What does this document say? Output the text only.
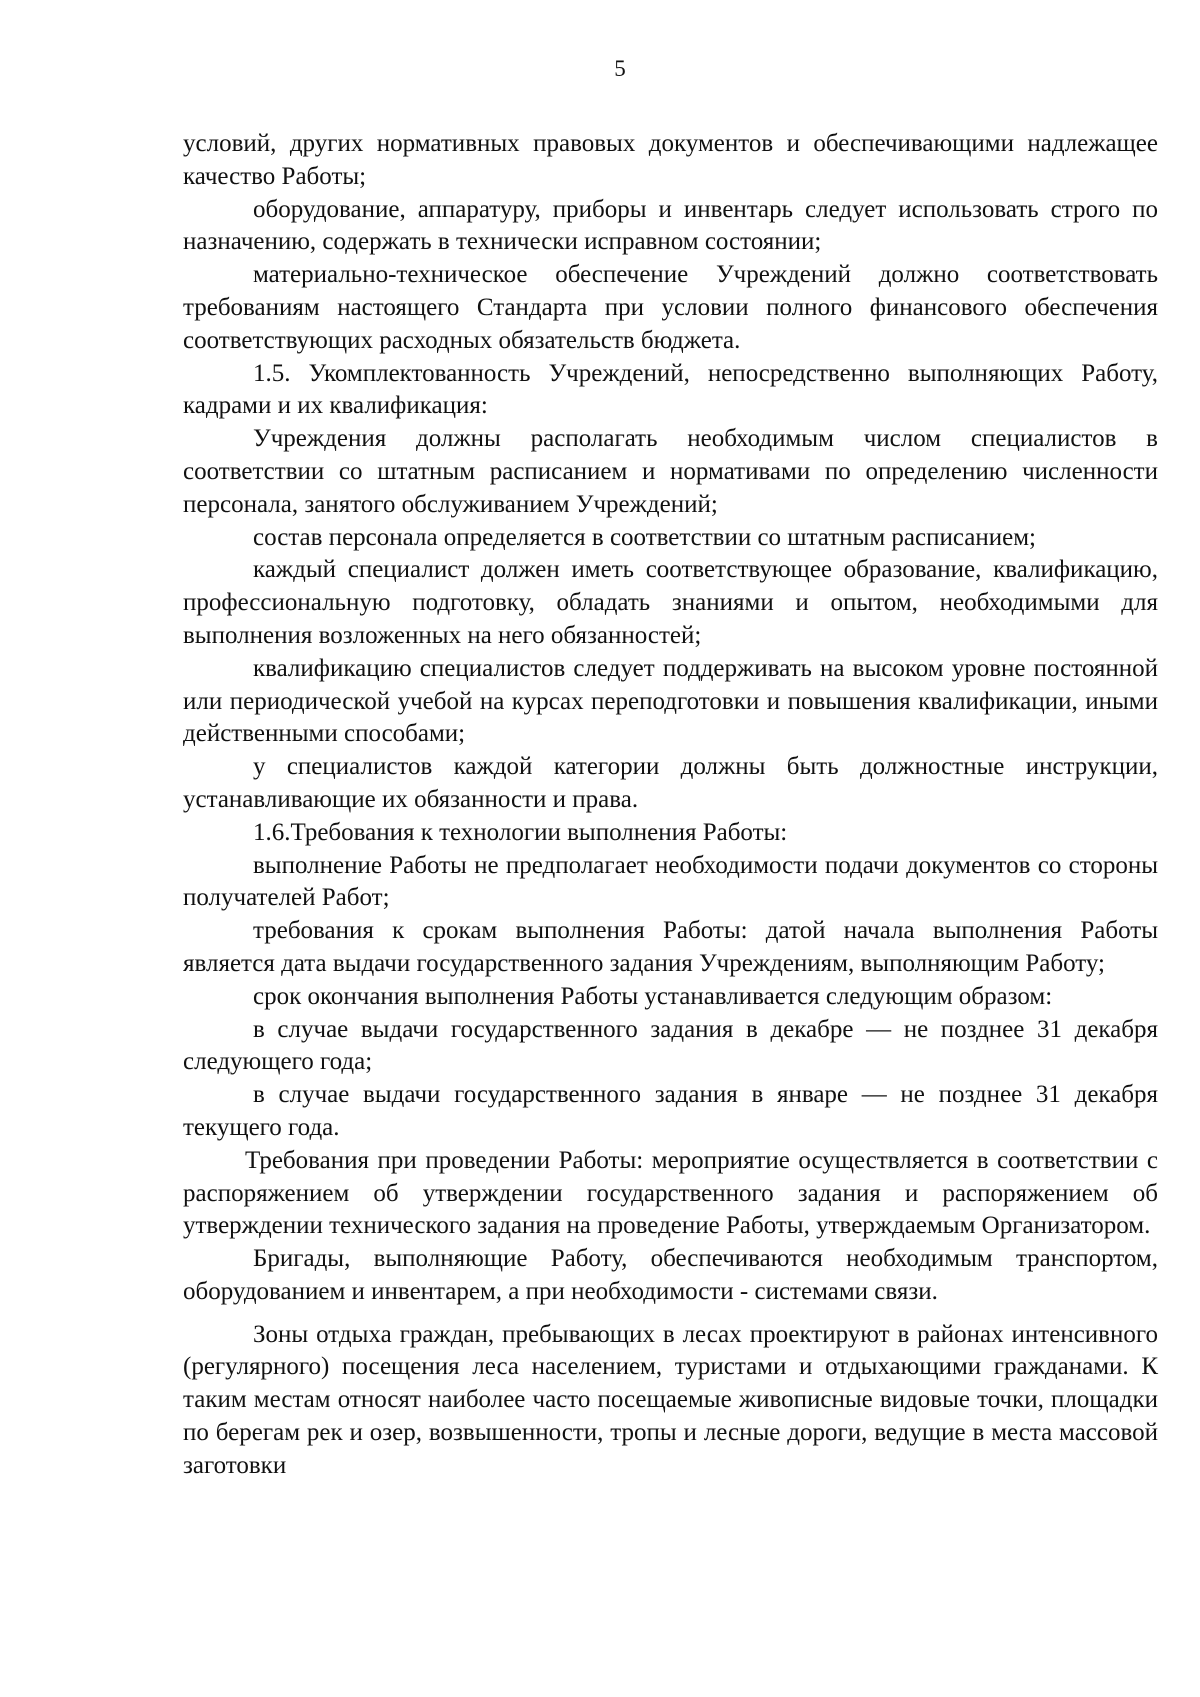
5

условий, других нормативных правовых документов и обеспечивающими надлежащее качество Работы;

оборудование, аппаратуру, приборы и инвентарь следует использовать строго по назначению, содержать в технически исправном состоянии;

материально-техническое обеспечение Учреждений должно соответствовать требованиям настоящего Стандарта при условии полного финансового обеспечения соответствующих расходных обязательств бюджета.

1.5. Укомплектованность Учреждений, непосредственно выполняющих Работу, кадрами и их квалификация:

Учреждения должны располагать необходимым числом специалистов в соответствии со штатным расписанием и нормативами по определению численности персонала, занятого обслуживанием Учреждений;

состав персонала определяется в соответствии со штатным расписанием;

каждый специалист должен иметь соответствующее образование, квалификацию, профессиональную подготовку, обладать знаниями и опытом, необходимыми для выполнения возложенных на него обязанностей;

квалификацию специалистов следует поддерживать на высоком уровне постоянной или периодической учебой на курсах переподготовки и повышения квалификации, иными действенными способами;

у специалистов каждой категории должны быть должностные инструкции, устанавливающие их обязанности и права.

1.6.Требования к технологии выполнения Работы:

выполнение Работы не предполагает необходимости подачи документов со стороны получателей Работ;

требования к срокам выполнения Работы: датой начала выполнения Работы является дата выдачи государственного задания Учреждениям, выполняющим Работу;

срок окончания выполнения Работы устанавливается следующим образом:

в случае выдачи государственного задания в декабре — не позднее 31 декабря следующего года;

в случае выдачи государственного задания в январе — не позднее 31 декабря текущего года.

Требования при проведении Работы: мероприятие осуществляется в соответствии с распоряжением об утверждении государственного задания и распоряжением об утверждении технического задания на проведение Работы, утверждаемым Организатором.

Бригады, выполняющие Работу, обеспечиваются необходимым транспортом, оборудованием и инвентарем, а при необходимости - системами связи.

Зоны отдыха граждан, пребывающих в лесах проектируют в районах интенсивного (регулярного) посещения леса населением, туристами и отдыхающими гражданами. К таким местам относят наиболее часто посещаемые живописные видовые точки, площадки по берегам рек и озер, возвышенности, тропы и лесные дороги, ведущие в места массовой заготовки
